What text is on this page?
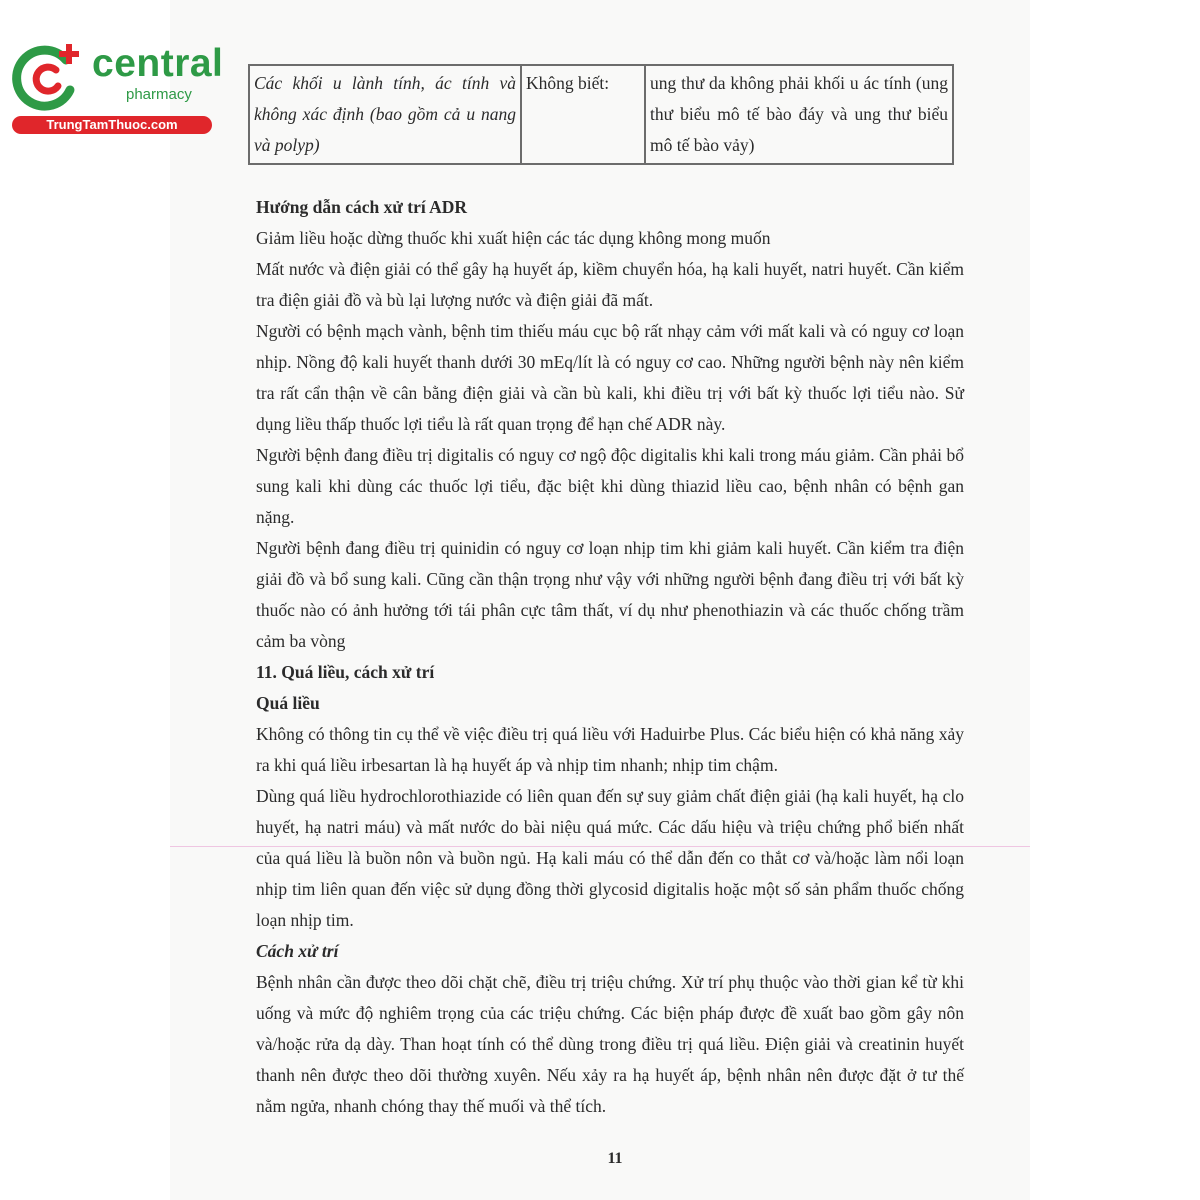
central
pharmacy
TrungTamThuoc.com
Các khối u lành tính, ác tính và không xác định (bao gồm cả u nang và polyp)	Không biết:	ung thư da không phải khối u ác tính (ung thư biểu mô tế bào đáy và ung thư biểu mô tế bào vảy)

Hướng dẫn cách xử trí ADR

Giảm liều hoặc dừng thuốc khi xuất hiện các tác dụng không mong muốn

Mất nước và điện giải có thể gây hạ huyết áp, kiềm chuyển hóa, hạ kali huyết, natri huyết. Cần kiểm tra điện giải đồ và bù lại lượng nước và điện giải đã mất.

Người có bệnh mạch vành, bệnh tim thiếu máu cục bộ rất nhạy cảm với mất kali và có nguy cơ loạn nhịp. Nồng độ kali huyết thanh dưới 30 mEq/lít là có nguy cơ cao. Những người bệnh này nên kiểm tra rất cẩn thận về cân bằng điện giải và cần bù kali, khi điều trị với bất kỳ thuốc lợi tiểu nào. Sử dụng liều thấp thuốc lợi tiểu là rất quan trọng để hạn chế ADR này.

Người bệnh đang điều trị digitalis có nguy cơ ngộ độc digitalis khi kali trong máu giảm. Cần phải bổ sung kali khi dùng các thuốc lợi tiểu, đặc biệt khi dùng thiazid liều cao, bệnh nhân có bệnh gan nặng.

Người bệnh đang điều trị quinidin có nguy cơ loạn nhịp tim khi giảm kali huyết. Cần kiểm tra điện giải đồ và bổ sung kali. Cũng cần thận trọng như vậy với những người bệnh đang điều trị với bất kỳ thuốc nào có ảnh hưởng tới tái phân cực tâm thất, ví dụ như phenothiazin và các thuốc chống trầm cảm ba vòng

11. Quá liều, cách xử trí

Quá liều

Không có thông tin cụ thể về việc điều trị quá liều với Haduirbe Plus. Các biểu hiện có khả năng xảy ra khi quá liều irbesartan là hạ huyết áp và nhịp tim nhanh; nhịp tim chậm.

Dùng quá liều hydrochlorothiazide có liên quan đến sự suy giảm chất điện giải (hạ kali huyết, hạ clo huyết, hạ natri máu) và mất nước do bài niệu quá mức. Các dấu hiệu và triệu chứng phổ biến nhất của quá liều là buồn nôn và buồn ngủ. Hạ kali máu có thể dẫn đến co thắt cơ và/hoặc làm nổi loạn nhịp tim liên quan đến việc sử dụng đồng thời glycosid digitalis hoặc một số sản phẩm thuốc chống loạn nhịp tim.

Cách xử trí

Bệnh nhân cần được theo dõi chặt chẽ, điều trị triệu chứng. Xử trí phụ thuộc vào thời gian kể từ khi uống và mức độ nghiêm trọng của các triệu chứng. Các biện pháp được đề xuất bao gồm gây nôn và/hoặc rửa dạ dày. Than hoạt tính có thể dùng trong điều trị quá liều. Điện giải và creatinin huyết thanh nên được theo dõi thường xuyên. Nếu xảy ra hạ huyết áp, bệnh nhân nên được đặt ở tư thế nằm ngửa, nhanh chóng thay thế muối và thể tích.

11
